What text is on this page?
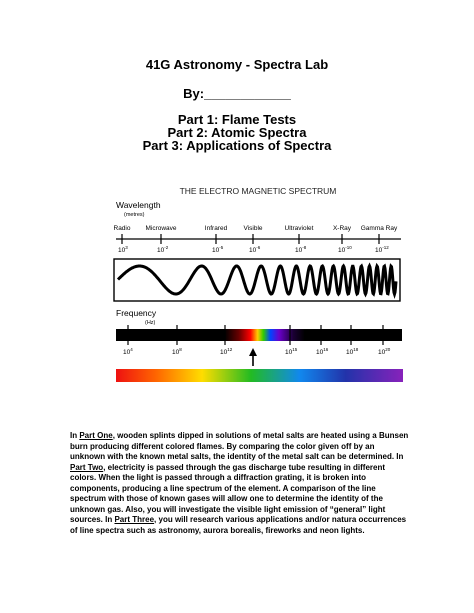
41G Astronomy - Spectra Lab

By:____________

Part 1: Flame Tests

Part 2: Atomic Spectra

Part 3: Applications of Spectra

THE ELECTRO MAGNETIC SPECTRUM
Wavelength
(metres)
Radio Microwave	Infrared	Visible	Ultraviolet	X-Ray Gamma Ray
$10^3$	$10^{-2}$	$10^{-5}$	$10^{-6}$	$10^{-8}$	$10^{-10}$	$10^{-12}$
Frequency
(Hz)
$10^4$	$10^8$	$10^{12}$	$10^{15}$	$10^{16}$	$10^{18}$	$10^{20}$

In Part One, wooden splints dipped in solutions of metal salts are heated using a Bunsen burn producing different colored flames. By comparing the color given off by an unknown with the known metal salts, the identity of the metal salt can be determined. In Part Two, electricity is passed through the gas discharge tube resulting in different colors. When the light is passed through a diffraction grating, it is broken into components, producing a line spectrum of the element. A comparison of the line spectrum with those of known gases will allow one to determine the identity of the unknown gas. Also, you will investigate the visible light emission of “general” light sources. In Part Three, you will research various applications and/or natura occurrences of line spectra such as astronomy, aurora borealis, fireworks and neon lights.
